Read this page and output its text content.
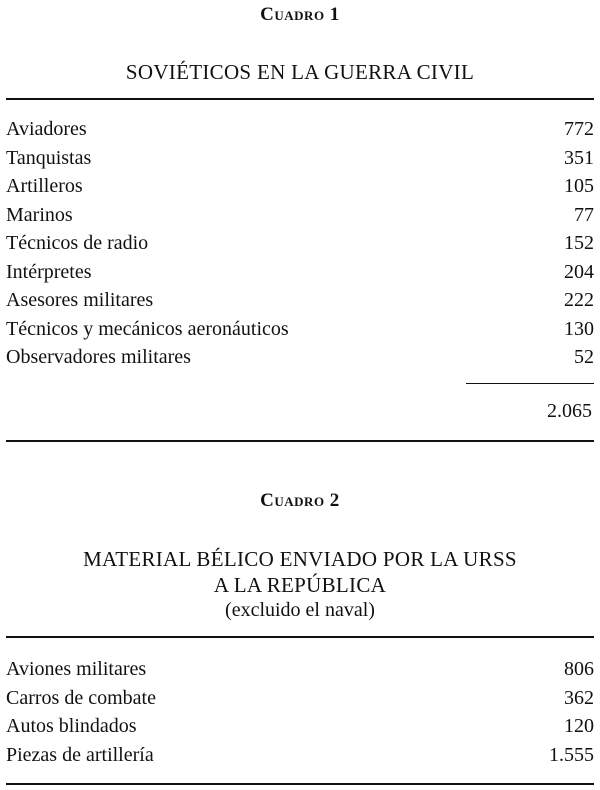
Cuadro 1
SOVIÉTICOS EN LA GUERRA CIVIL
Aviadores	772
Tanquistas	351
Artilleros	105
Marinos	77
Técnicos de radio	152
Intérpretes	204
Asesores militares	222
Técnicos y mecánicos aeronáuticos	130
Observadores militares	52
2.065
Cuadro 2
MATERIAL BÉLICO ENVIADO POR LA URSS
A LA REPÚBLICA
(excluido el naval)
Aviones militares	806
Carros de combate	362
Autos blindados	120
Piezas de artillería	1.555
